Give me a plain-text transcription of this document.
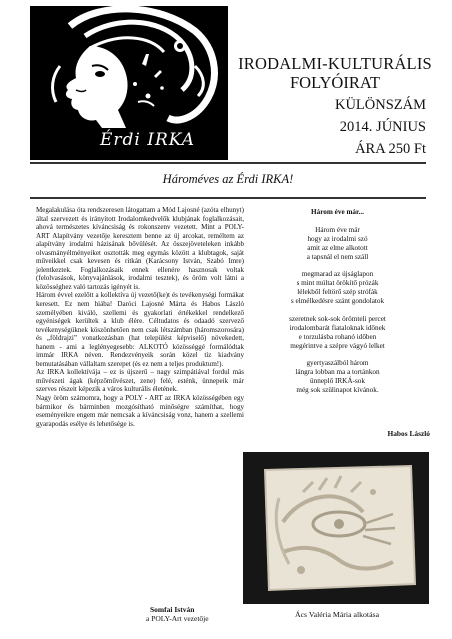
Érdi IRKA
IRODALMI-KULTURÁLIS
FOLYÓIRAT
KÜLÖNSZÁM
2014. JÚNIUS
ÁRA 250 Ft
Hároméves az Érdi IRKA!

Megalakulása óta rendszeresen látogattam a Mód Lajosné (azóta elhunyt) által szervezett és irányított Irodalomkedvelők klubjának foglalkozásait, ahová természetes kíváncsiság és rokonszenv vezetett. Mint a POLY-ART Alapítvány vezetője keresztem benne az új arcokat, reméltem az alapítvány irodalmi házisának bővülését. Az összejöveteleken inkább olvasmányélményeiket osztották meg egymás között a klubtagok, saját műveikkel csak kevesen és ritkán (Karácsony István, Szabó Imre) jelentkeztek. Foglalkozásaik ennek ellenére hasznosak voltak (felolvasások, könyvajánlások, irodalmi tesztek), és öröm volt látni a közösséghez való tartozás igényét is.

Három évvel ezelőtt a kollektíva új vezető(ke)t és tevékenységi formákat keresett. Ez nem hiába! Daróci Lajosné Márta és Habos László személyében kiváló, szellemi és gyakorlati értékekkel rendelkező egyéniségek kerültek a klub élére. Céltudatos és odaadó szervező tevékenységüknek köszönhetően nem csak létszámban (háromszorosára) és „földrajzi” vonatkozásban (hat települést képviselő) növekedett, hanem - ami a leglényegesebb: ALKOTÓ közösséggé formálódtak immár IRKA néven. Rendezvényeik során közel tíz kiadvány bemutatásában vállaltam szerepet (és ez nem a teljes produktum!).

Az IRKA kollektívája – ez is újszerű – nagy szimpátiával fordul más művészeti ágak (képzőművészet, zene) felé, esténk, ünnepeik már szerves részeit képezik a város kulturális életének.

Nagy öröm számomra, hogy a POLY - ART az IRKA közösségében egy bármikor és bárminben mozgósítható minőségre számíthat, hogy eseményeikre engem már nemcsak a kíváncsiság vonz, hanem a szellemi gyarapodás esélye és lehetősége is.

Somfai István
a POLY-Art vezetője
Három éve már...
Három éve már
hogy az irodalmi szó
amit az elme alkotott
a tapsnál el nem száll
megmarad az újságlapon
s mint múltat örökítő prózák
lélekből feltörő szép strófák
s elmélkedésre szánt gondolatok
szeretnek sok-sok örömteli percet
irodalombarát fiataloknak időnek
e torzulásba rohanó időben
megérintve a szépre vágyó lelket
gyertyaszálból három
lángra lobban ma a tortánkon
ünneplő IRKÁ-sok
még sok szülinapot kívánok.
Habos László
Ács Valéria Mária alkotása
